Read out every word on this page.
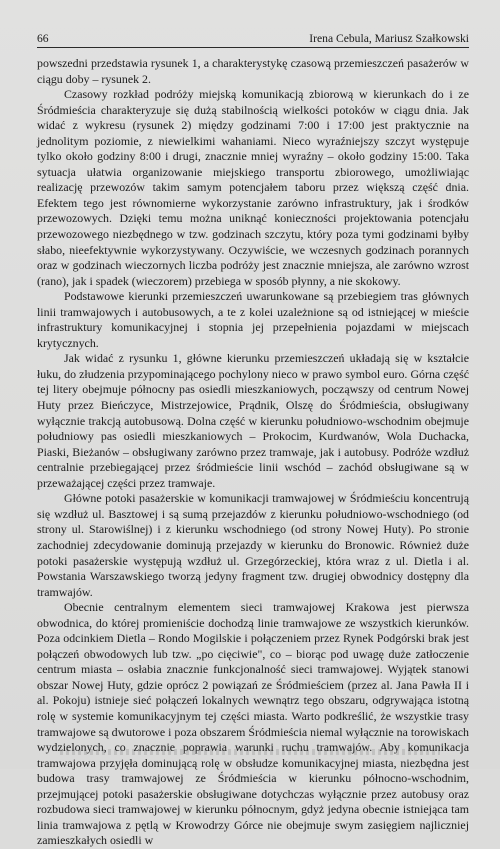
66	Irena Cebula, Mariusz Szałkowski

powszedni przedstawia rysunek 1, a charakterystykę czasową przemieszczeń pasażerów w ciągu doby – rysunek 2.

Czasowy rozkład podróży miejską komunikacją zbiorową w kierunkach do i ze Śródmieścia charakteryzuje się dużą stabilnością wielkości potoków w ciągu dnia. Jak widać z wykresu (rysunek 2) między godzinami 7:00 i 17:00 jest praktycznie na jednolitym poziomie, z niewielkimi wahaniami. Nieco wyraźniejszy szczyt występuje tylko około godziny 8:00 i drugi, znacznie mniej wyraźny – około godziny 15:00. Taka sytuacja ułatwia organizowanie miejskiego transportu zbiorowego, umożliwiając realizację przewozów takim samym potencjałem taboru przez większą część dnia. Efektem tego jest równomierne wykorzystanie zarówno infrastruktury, jak i środków przewozowych. Dzięki temu można uniknąć konieczności projektowania potencjału przewozowego niezbędnego w tzw. godzinach szczytu, który poza tymi godzinami byłby słabo, nieefektywnie wykorzystywany. Oczywiście, we wczesnych godzinach porannych oraz w godzinach wieczornych liczba podróży jest znacznie mniejsza, ale zarówno wzrost (rano), jak i spadek (wieczorem) przebiega w sposób płynny, a nie skokowy.

Podstawowe kierunki przemieszczeń uwarunkowane są przebiegiem tras głównych linii tramwajowych i autobusowych, a te z kolei uzależnione są od istniejącej w mieście infrastruktury komunikacyjnej i stopnia jej przepełnienia pojazdami w miejscach krytycznych.

Jak widać z rysunku 1, główne kierunku przemieszczeń układają się w kształcie łuku, do złudzenia przypominającego pochylony nieco w prawo symbol euro. Górna część tej litery obejmuje północny pas osiedli mieszkaniowych, począwszy od centrum Nowej Huty przez Bieńczyce, Mistrzejowice, Prądnik, Olszę do Śródmieścia, obsługiwany wyłącznie trakcją autobusową. Dolna część w kierunku południowo-wschodnim obejmuje południowy pas osiedli mieszkaniowych – Prokocim, Kurdwanów, Wola Duchacka, Piaski, Bieżanów – obsługiwany zarówno przez tramwaje, jak i autobusy. Podróże wzdłuż centralnie przebiegającej przez śródmieście linii wschód – zachód obsługiwane są w przeważającej części przez tramwaje.

Główne potoki pasażerskie w komunikacji tramwajowej w Śródmieściu koncentrują się wzdłuż ul. Basztowej i są sumą przejazdów z kierunku południowo-wschodniego (od strony ul. Starowiślnej) i z kierunku wschodniego (od strony Nowej Huty). Po stronie zachodniej zdecydowanie dominują przejazdy w kierunku do Bronowic. Również duże potoki pasażerskie występują wzdłuż ul. Grzegórzeckiej, która wraz z ul. Dietla i al. Powstania Warszawskiego tworzą jedyny fragment tzw. drugiej obwodnicy dostępny dla tramwajów.

Obecnie centralnym elementem sieci tramwajowej Krakowa jest pierwsza obwodnica, do której promieniście dochodzą linie tramwajowe ze wszystkich kierunków. Poza odcinkiem Dietla – Rondo Mogilskie i połączeniem przez Rynek Podgórski brak jest połączeń obwodowych lub tzw. „po cięciwie", co – biorąc pod uwagę duże zatłoczenie centrum miasta – osłabia znacznie funkcjonalność sieci tramwajowej. Wyjątek stanowi obszar Nowej Huty, gdzie oprócz 2 powiązań ze Śródmieściem (przez al. Jana Pawła II i al. Pokoju) istnieje sieć połączeń lokalnych wewnątrz tego obszaru, odgrywająca istotną rolę w systemie komunikacyjnym tej części miasta. Warto podkreślić, że wszystkie trasy tramwajowe są dwutorowe i poza obszarem Śródmieścia niemal wyłącznie na torowiskach wydzielonych, co znacznie poprawia warunki ruchu tramwajów. Aby komunikacja tramwajowa przyjęła dominującą rolę w obsłudze komunikacyjnej miasta, niezbędna jest budowa trasy tramwajowej ze Śródmieścia w kierunku północno-wschodnim, przejmującej potoki pasażerskie obsługiwane dotychczas wyłącznie przez autobusy oraz rozbudowa sieci tramwajowej w kierunku północnym, gdyż jedyna obecnie istniejąca tam linia tramwajowa z pętlą w Krowodrzy Górce nie obejmuje swym zasięgiem najliczniej zamieszkałych osiedli w
